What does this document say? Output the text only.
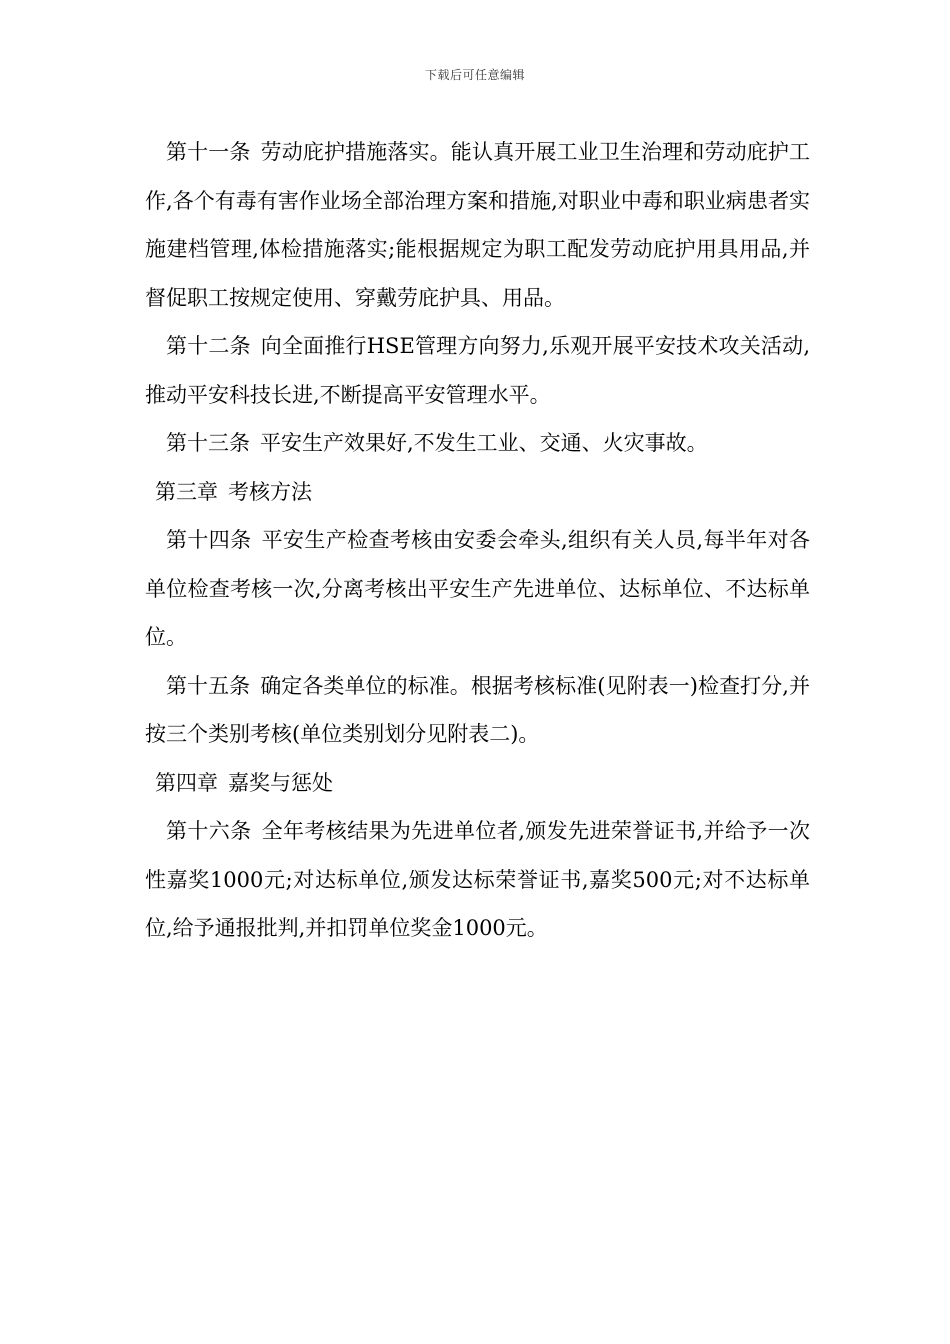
下载后可任意编辑

第十一条 劳动庇护措施落实。能认真开展工业卫生治理和劳动庇护工作,各个有毒有害作业场全部治理方案和措施,对职业中毒和职业病患者实施建档管理,体检措施落实;能根据规定为职工配发劳动庇护用具用品,并督促职工按规定使用、穿戴劳庇护具、用品。

第十二条 向全面推行HSE管理方向努力,乐观开展平安技术攻关活动,推动平安科技长进,不断提高平安管理水平。

第十三条 平安生产效果好,不发生工业、交通、火灾事故。

第三章 考核方法

第十四条 平安生产检查考核由安委会牵头,组织有关人员,每半年对各单位检查考核一次,分离考核出平安生产先进单位、达标单位、不达标单位。

第十五条 确定各类单位的标准。根据考核标准(见附表一)检查打分,并按三个类别考核(单位类别划分见附表二)。

第四章 嘉奖与惩处

第十六条 全年考核结果为先进单位者,颁发先进荣誉证书,并给予一次性嘉奖1000元;对达标单位,颁发达标荣誉证书,嘉奖500元;对不达标单位,给予通报批判,并扣罚单位奖金1000元。
